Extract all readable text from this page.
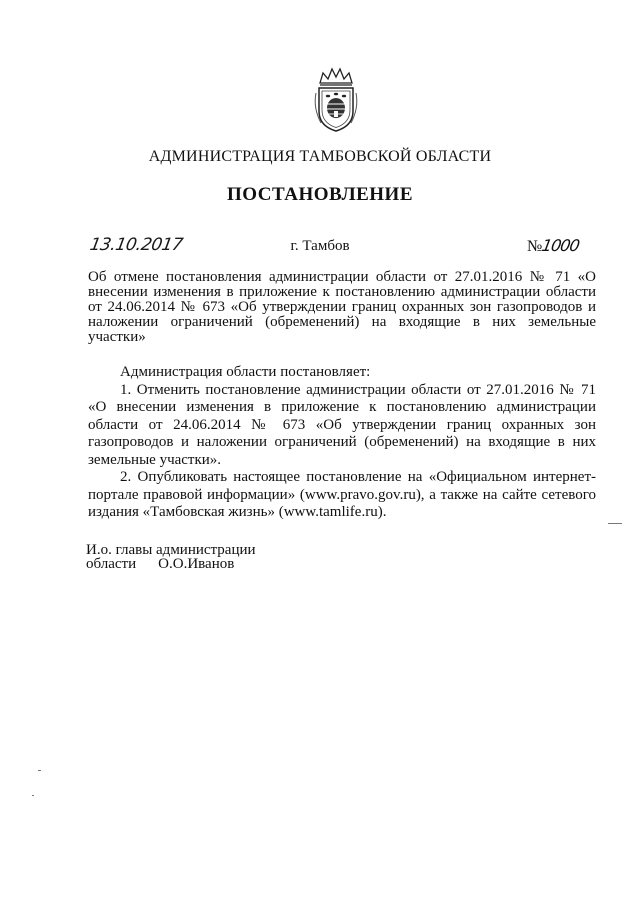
АДМИНИСТРАЦИЯ ТАМБОВСКОЙ ОБЛАСТИ
ПОСТАНОВЛЕНИЕ
13.10.2017	г. Тамбов	№1000
Об отмене постановления администрации области от 27.01.2016 № 71 «О внесении изменения в приложение к постановлению администрации области от 24.06.2014 № 673 «Об утверждении границ охранных зон газопроводов и наложении ограничений (обременений) на входящие в них земельные участки»

Администрация области постановляет:

1. Отменить постановление администрации области от 27.01.2016 № 71 «О внесении изменения в приложение к постановлению администрации области от 24.06.2014 № 673 «Об утверждении границ охранных зон газопроводов и наложении ограничений (обременений) на входящие в них земельные участки».

2. Опубликовать настоящее постановление на «Официальном интернет-портале правовой информации» (www.pravo.gov.ru), а также на сайте сетевого издания «Тамбовская жизнь» (www.tamlife.ru).

И.о. главы администрации
области О.О.Иванов
